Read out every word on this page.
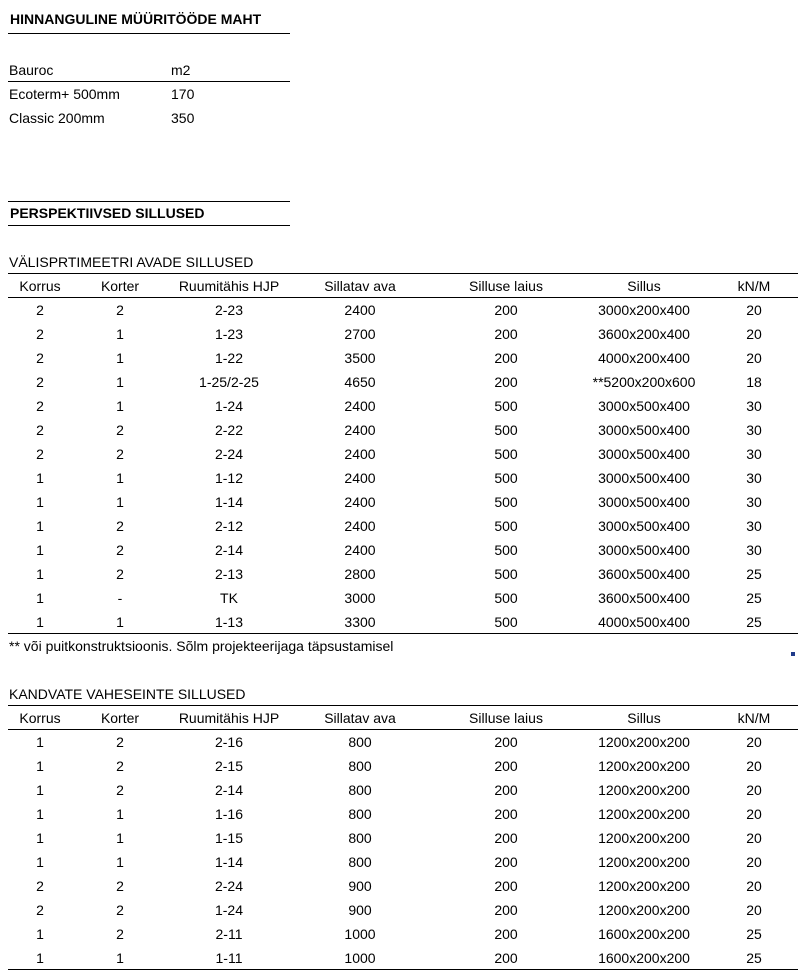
HINNANGULINE MÜÜRITÖÖDE MAHT
Bauroc	m2
Ecoterm+ 500mm	170
Classic 200mm	350
PERSPEKTIIVSED SILLUSED
VÄLISPRTIMEETRI AVADE SILLUSED
Korrus	Korter	Ruumitähis HJP	Sillatav ava	Silluse laius	Sillus	kN/M
2	2	2-23	2400	200	3000x200x400	20
2	1	1-23	2700	200	3600x200x400	20
2	1	1-22	3500	200	4000x200x400	20
2	1	1-25/2-25	4650	200	**5200x200x600	18
2	1	1-24	2400	500	3000x500x400	30
2	2	2-22	2400	500	3000x500x400	30
2	2	2-24	2400	500	3000x500x400	30
1	1	1-12	2400	500	3000x500x400	30
1	1	1-14	2400	500	3000x500x400	30
1	2	2-12	2400	500	3000x500x400	30
1	2	2-14	2400	500	3000x500x400	30
1	2	2-13	2800	500	3600x500x400	25
1	-	TK	3000	500	3600x500x400	25
1	1	1-13	3300	500	4000x500x400	25
** või puitkonstruktsioonis. Sõlm projekteerijaga täpsustamisel
KANDVATE VAHESEINTE SILLUSED
Korrus	Korter	Ruumitähis HJP	Sillatav ava	Silluse laius	Sillus	kN/M
1	2	2-16	800	200	1200x200x200	20
1	2	2-15	800	200	1200x200x200	20
1	2	2-14	800	200	1200x200x200	20
1	1	1-16	800	200	1200x200x200	20
1	1	1-15	800	200	1200x200x200	20
1	1	1-14	800	200	1200x200x200	20
2	2	2-24	900	200	1200x200x200	20
2	2	1-24	900	200	1200x200x200	20
1	2	2-11	1000	200	1600x200x200	25
1	1	1-11	1000	200	1600x200x200	25
